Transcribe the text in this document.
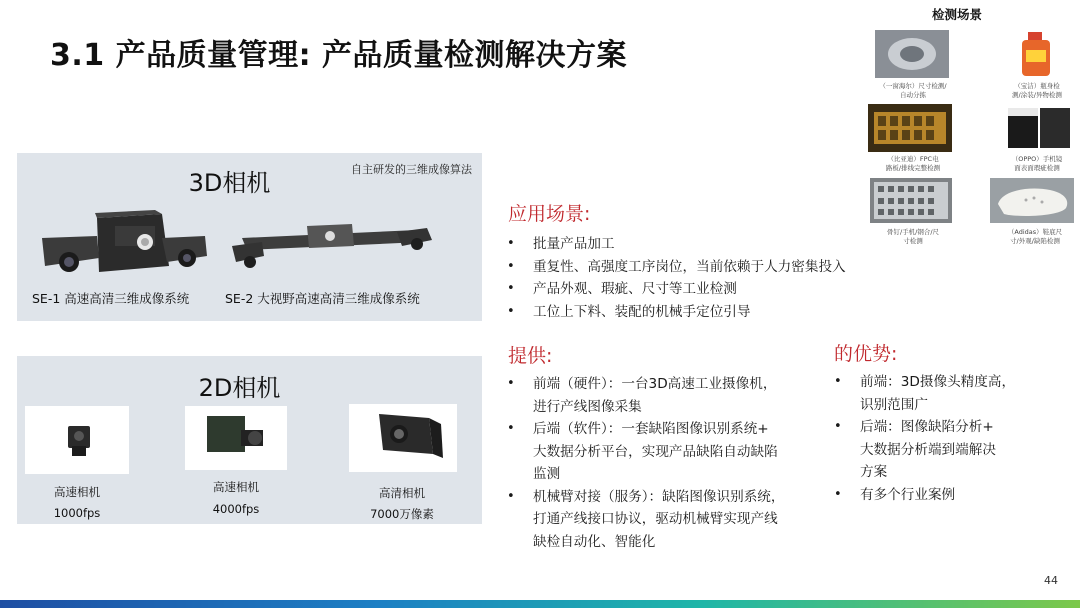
3.1 产品质量管理: 产品质量检测解决方案
3D相机	自主研发的三维成像算法
SE-1 高速高清三维成像系统	SE-2 大视野高速高清三维成像系统
2D相机
高速相机
1000fps
高速相机
4000fps
高清相机
7000万像素
应用场景:
• 批量产品加工
• 重复性、高强度工序岗位，当前依赖于人力密集投入
• 产品外观、瑕疵、尺寸等工业检测
• 工位上下料、装配的机械手定位引导
提供:
• 前端（硬件）：一台3D高速工业摄像机，
进行产线图像采集
• 后端（软件）：一套缺陷图像识别系统+
大数据分析平台，实现产品缺陷自动缺陷
监测
• 机械臂对接（服务）：缺陷图像识别系统，
打通产线接口协议，驱动机械臂实现产线
缺检自动化、智能化
的优势:
• 前端：3D摄像头精度高，
识别范围广
• 后端：图像缺陷分析+
大数据分析端到端解决
方案
• 有多个行业案例
检测场景
（一窗海尔）尺寸检测/
自动分拣
（宝洁）瓶身检
测/涂装/异物检测
（比亚迪）FPC电
路板/排线完整检测
（OPPO）手机镜
面表面瑕疵检测
骨钉/手机/钢合/尺
寸检测
（Adidas）鞋底尺
寸/外观/缺陷检测
44
